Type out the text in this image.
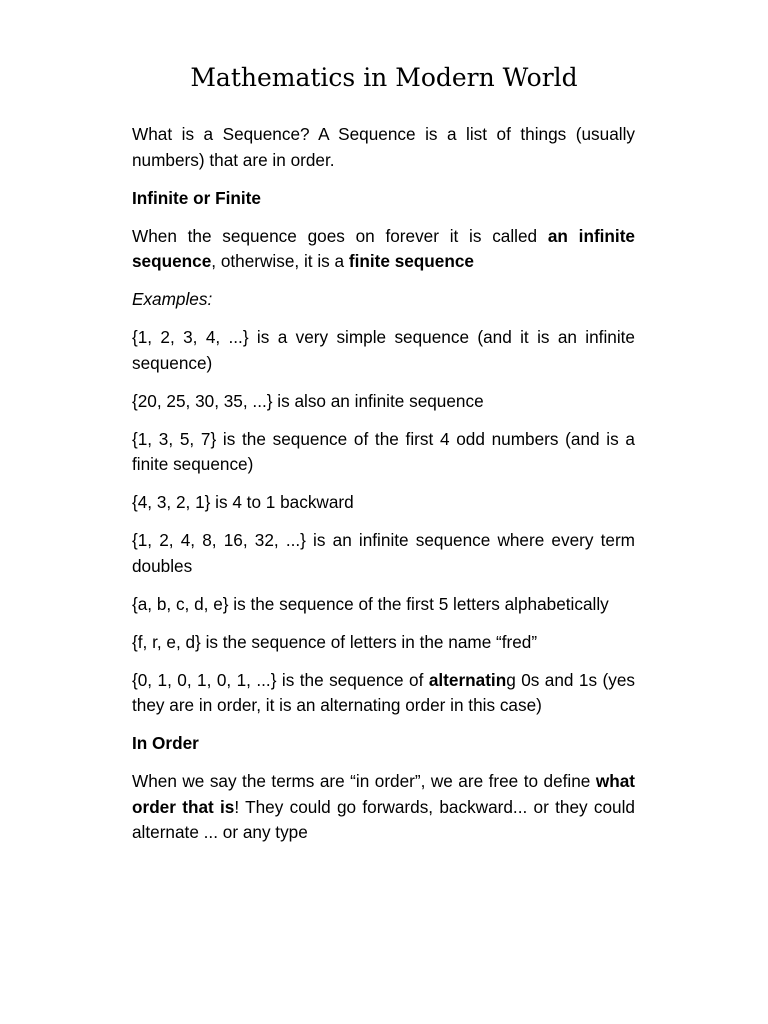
Mathematics in Modern World

What is a Sequence? A Sequence is a list of things (usually numbers) that are in order.

Infinite or Finite

When the sequence goes on forever it is called an infinite sequence, otherwise, it is a finite sequence

Examples:

{1, 2, 3, 4, ...} is a very simple sequence (and it is an infinite sequence)

{20, 25, 30, 35, ...} is also an infinite sequence

{1, 3, 5, 7} is the sequence of the first 4 odd numbers (and is a finite sequence)

{4, 3, 2, 1} is 4 to 1 backward

{1, 2, 4, 8, 16, 32, ...} is an infinite sequence where every term doubles

{a, b, c, d, e} is the sequence of the first 5 letters alphabetically

{f, r, e, d} is the sequence of letters in the name “fred”

{0, 1, 0, 1, 0, 1, ...} is the sequence of alternating 0s and 1s (yes they are in order, it is an alternating order in this case)

In Order

When we say the terms are “in order”, we are free to define what order that is! They could go forwards, backward... or they could alternate ... or any type
